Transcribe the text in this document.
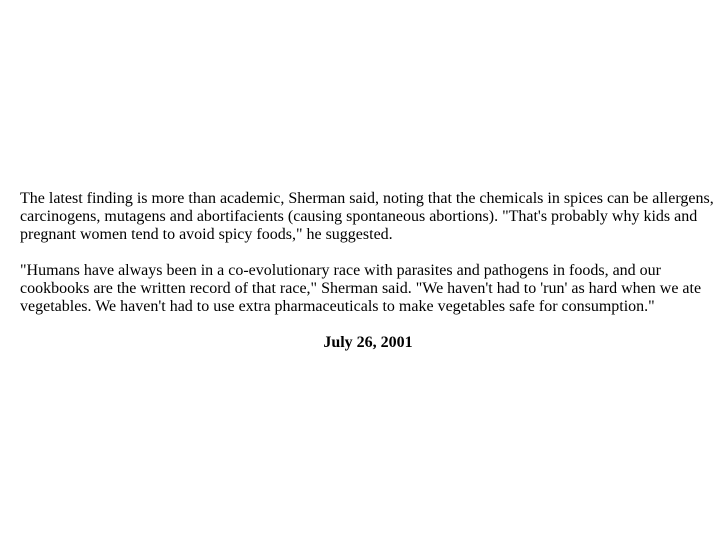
The latest finding is more than academic, Sherman said, noting that the chemicals in spices can be allergens, carcinogens, mutagens and abortifacients (causing spontaneous abortions). "That's probably why kids and pregnant women tend to avoid spicy foods," he suggested.

"Humans have always been in a co-evolutionary race with parasites and pathogens in foods, and our cookbooks are the written record of that race," Sherman said. "We haven't had to 'run' as hard when we ate vegetables. We haven't had to use extra pharmaceuticals to make vegetables safe for consumption."

July 26, 2001
